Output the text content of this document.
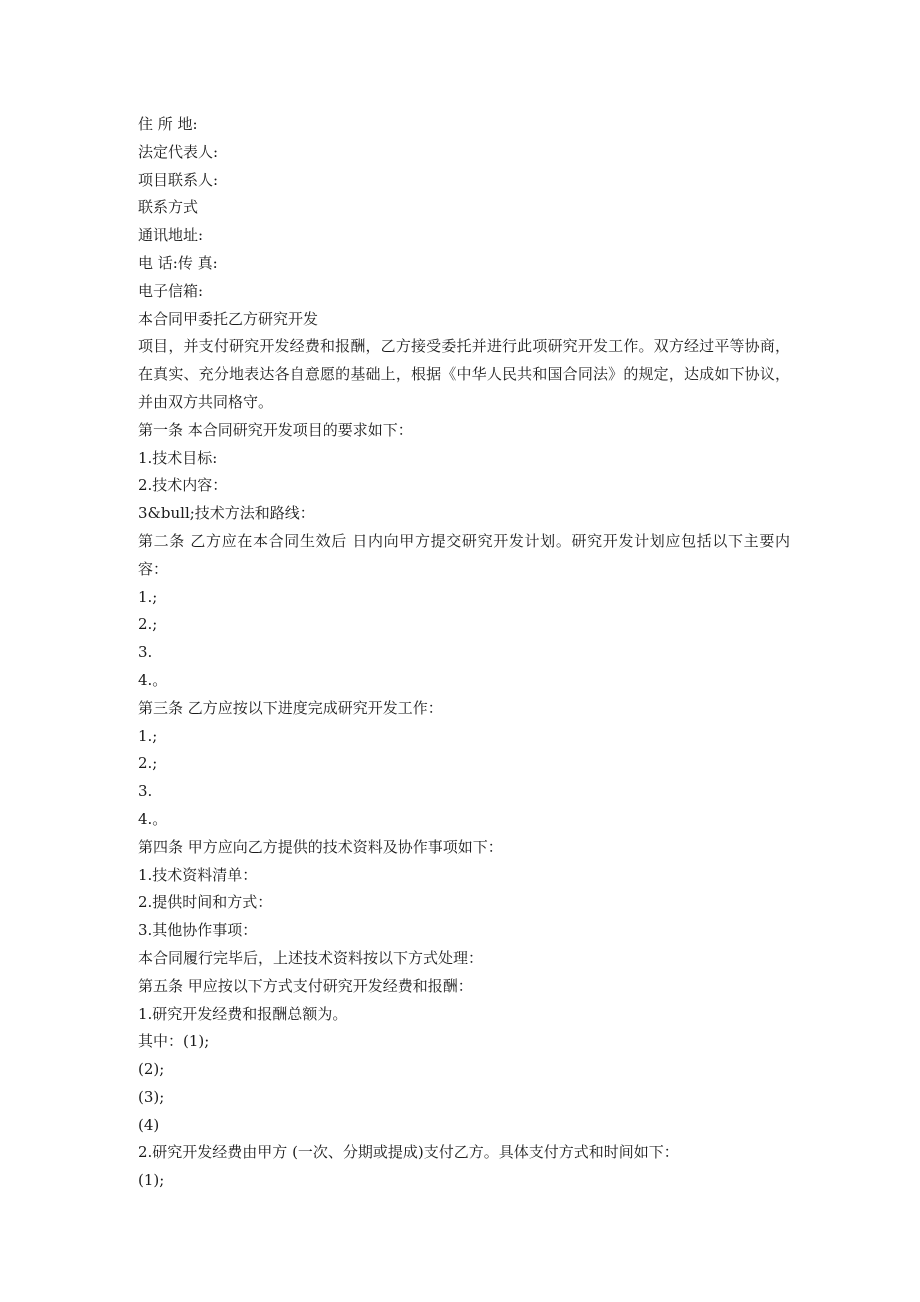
住 所 地:

法定代表人:

项目联系人:

联系方式

通讯地址:

电 话:传 真:

电子信箱:

本合同甲委托乙方研究开发

项目，并支付研究开发经费和报酬，乙方接受委托并进行此项研究开发工作。双方经过平等协商，在真实、充分地表达各自意愿的基础上，根据《中华人民共和国合同法》的规定，达成如下协议，并由双方共同格守。

第一条 本合同研究开发项目的要求如下：

1.技术目标:

2.技术内容：

3&bull;技术方法和路线：

第二条 乙方应在本合同生效后 日内向甲方提交研究开发计划。研究开发计划应包括以下主要内容：

1.;

2.;

3.

4.。

第三条 乙方应按以下进度完成研究开发工作：

1.;

2.;

3.

4.。

第四条 甲方应向乙方提供的技术资料及协作事项如下：

1.技术资料清单：

2.提供时间和方式：

3.其他协作事项：

本合同履行完毕后，上述技术资料按以下方式处理：

第五条 甲应按以下方式支付研究开发经费和报酬：

1.研究开发经费和报酬总额为。

其中：(1);

(2);

(3);

(4)

2.研究开发经费由甲方 (一次、分期或提成)支付乙方。具体支付方式和时间如下：

(1);
